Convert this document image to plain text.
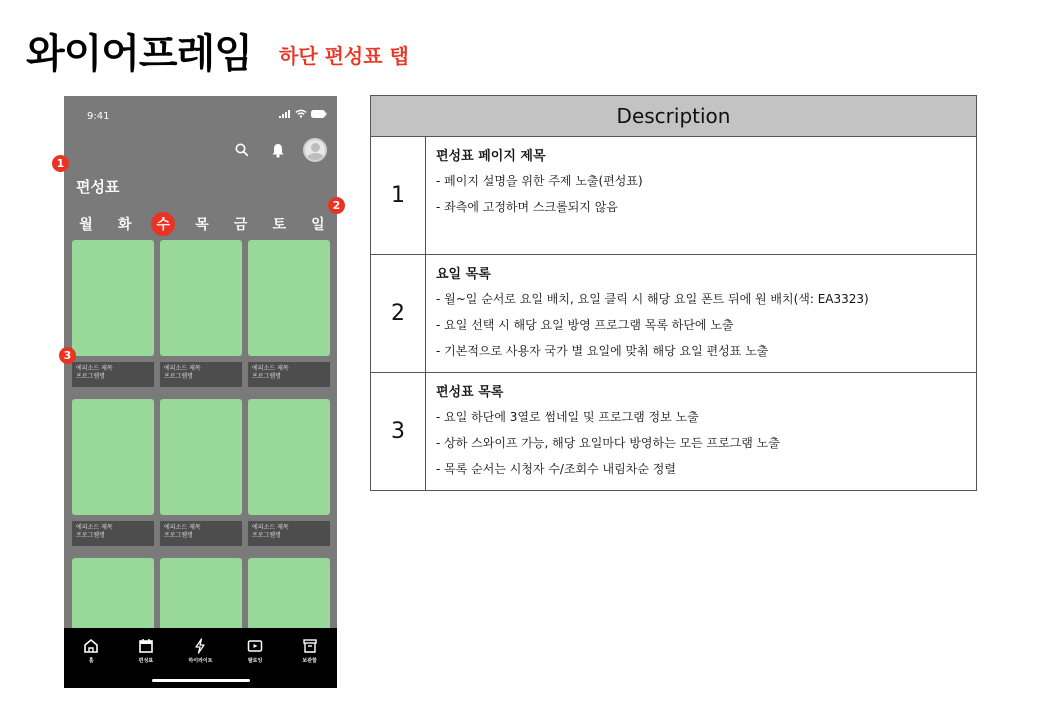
와이어프레임 하단 편성표 탭
9:41
편성표
월	화	수	목	금	토	일
에피소드 제목
프로그램명
에피소드 제목
프로그램명
에피소드 제목
프로그램명
에피소드 제목
프로그램명
에피소드 제목
프로그램명
에피소드 제목
프로그램명
홈	편성표	하이라이트	팔로잉	보관함
1
2
3
Description	
1	편성표 페이지 제목
- 페이지 설명을 위한 주제 노출(편성표)
- 좌측에 고정하며 스크롤되지 않음

2	요일 목록
- 월~일 순서로 요일 배치, 요일 클릭 시 해당 요일 폰트 뒤에 원 배치(색: EA3323)
- 요일 선택 시 해당 요일 방영 프로그램 목록 하단에 노출
- 기본적으로 사용자 국가 별 요일에 맞춰 해당 요일 편성표 노출

3	편성표 목록
- 요일 하단에 3열로 썸네일 및 프로그램 정보 노출
- 상하 스와이프 가능, 해당 요일마다 방영하는 모든 프로그램 노출
- 목록 순서는 시청자 수/조회수 내림차순 정렬
